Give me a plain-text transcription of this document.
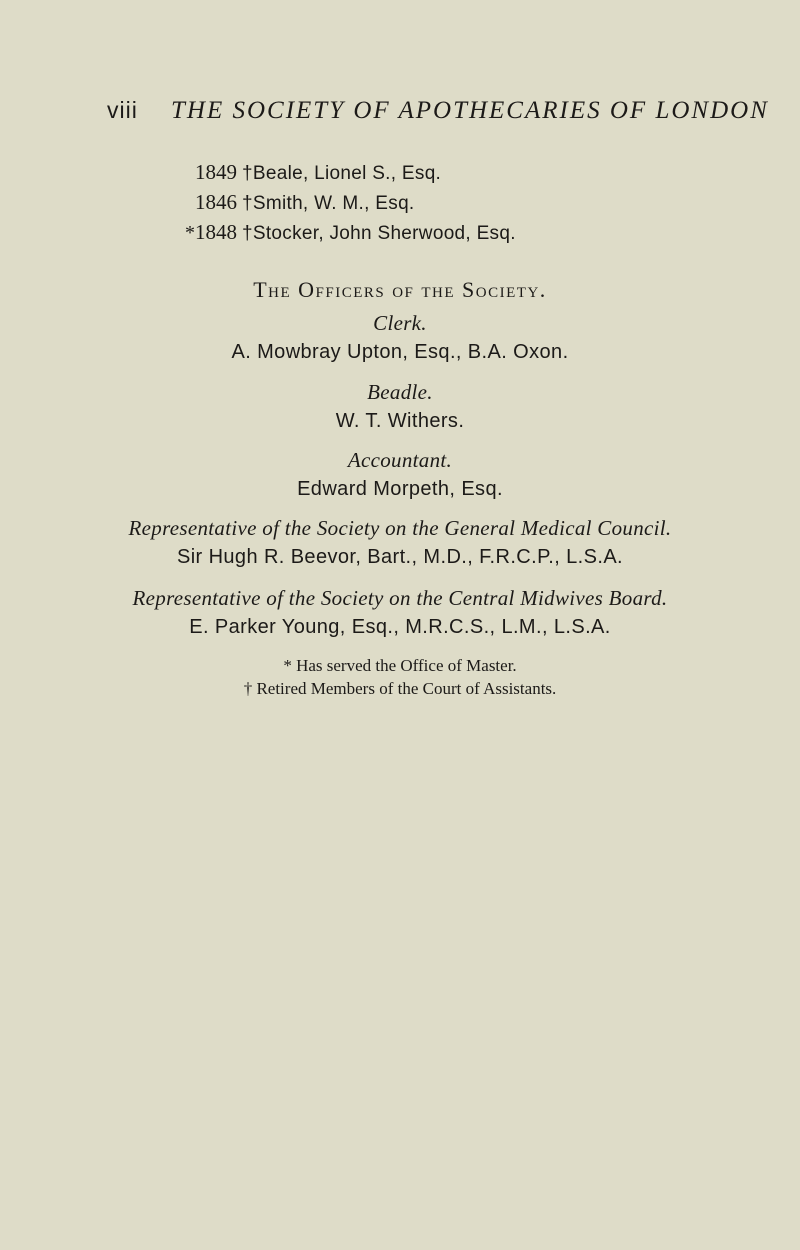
viii THE SOCIETY OF APOTHECARIES OF LONDON
1849 †Beale, Lionel S., Esq.
1846 †Smith, W. M., Esq.
*1848 †Stocker, John Sherwood, Esq.
The Officers of the Society.
Clerk.
A. Mowbray Upton, Esq., B.A. Oxon.
Beadle.
W. T. Withers.
Accountant.
Edward Morpeth, Esq.
Representative of the Society on the General Medical Council.
Sir Hugh R. Beevor, Bart., M.D., F.R.C.P., L.S.A.
Representative of the Society on the Central Midwives Board.
E. Parker Young, Esq., M.R.C.S., L.M., L.S.A.
* Has served the Office of Master.
† Retired Members of the Court of Assistants.
